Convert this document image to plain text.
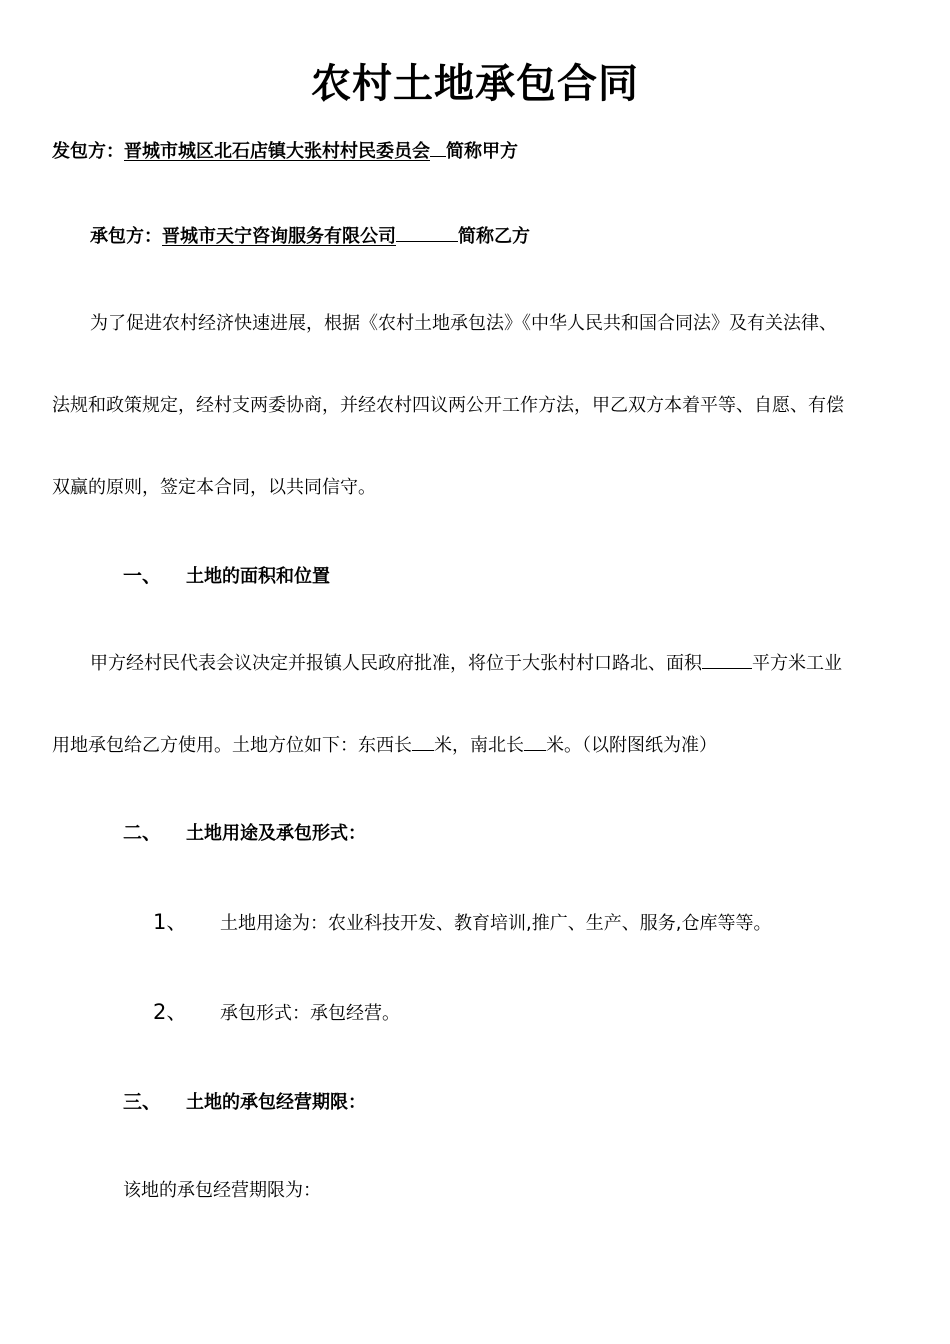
农村土地承包合同
发包方：晋城市城区北石店镇大张村村民委员会 简称甲方
承包方：晋城市天宁咨询服务有限公司	简称乙方
为了促进农村经济快速进展，根据《农村土地承包法》《中华人民共和国合同法》及有关法律、
法规和政策规定，经村支两委协商，并经农村四议两公开工作方法，甲乙双方本着平等、自愿、有偿
双赢的原则，签定本合同，以共同信守。
一、 土地的面积和位置
甲方经村民代表会议决定并报镇人民政府批准，将位于大张村村口路北、面积	平方米工业
用地承包给乙方使用。土地方位如下：东西长 米，南北长 米。（以附图纸为准）
二、 土地用途及承包形式：
1、 土地用途为：农业科技开发、教育培训,推广、生产、服务,仓库等等。
2、 承包形式：承包经营。
三、 土地的承包经营期限：
该地的承包经营期限为：
